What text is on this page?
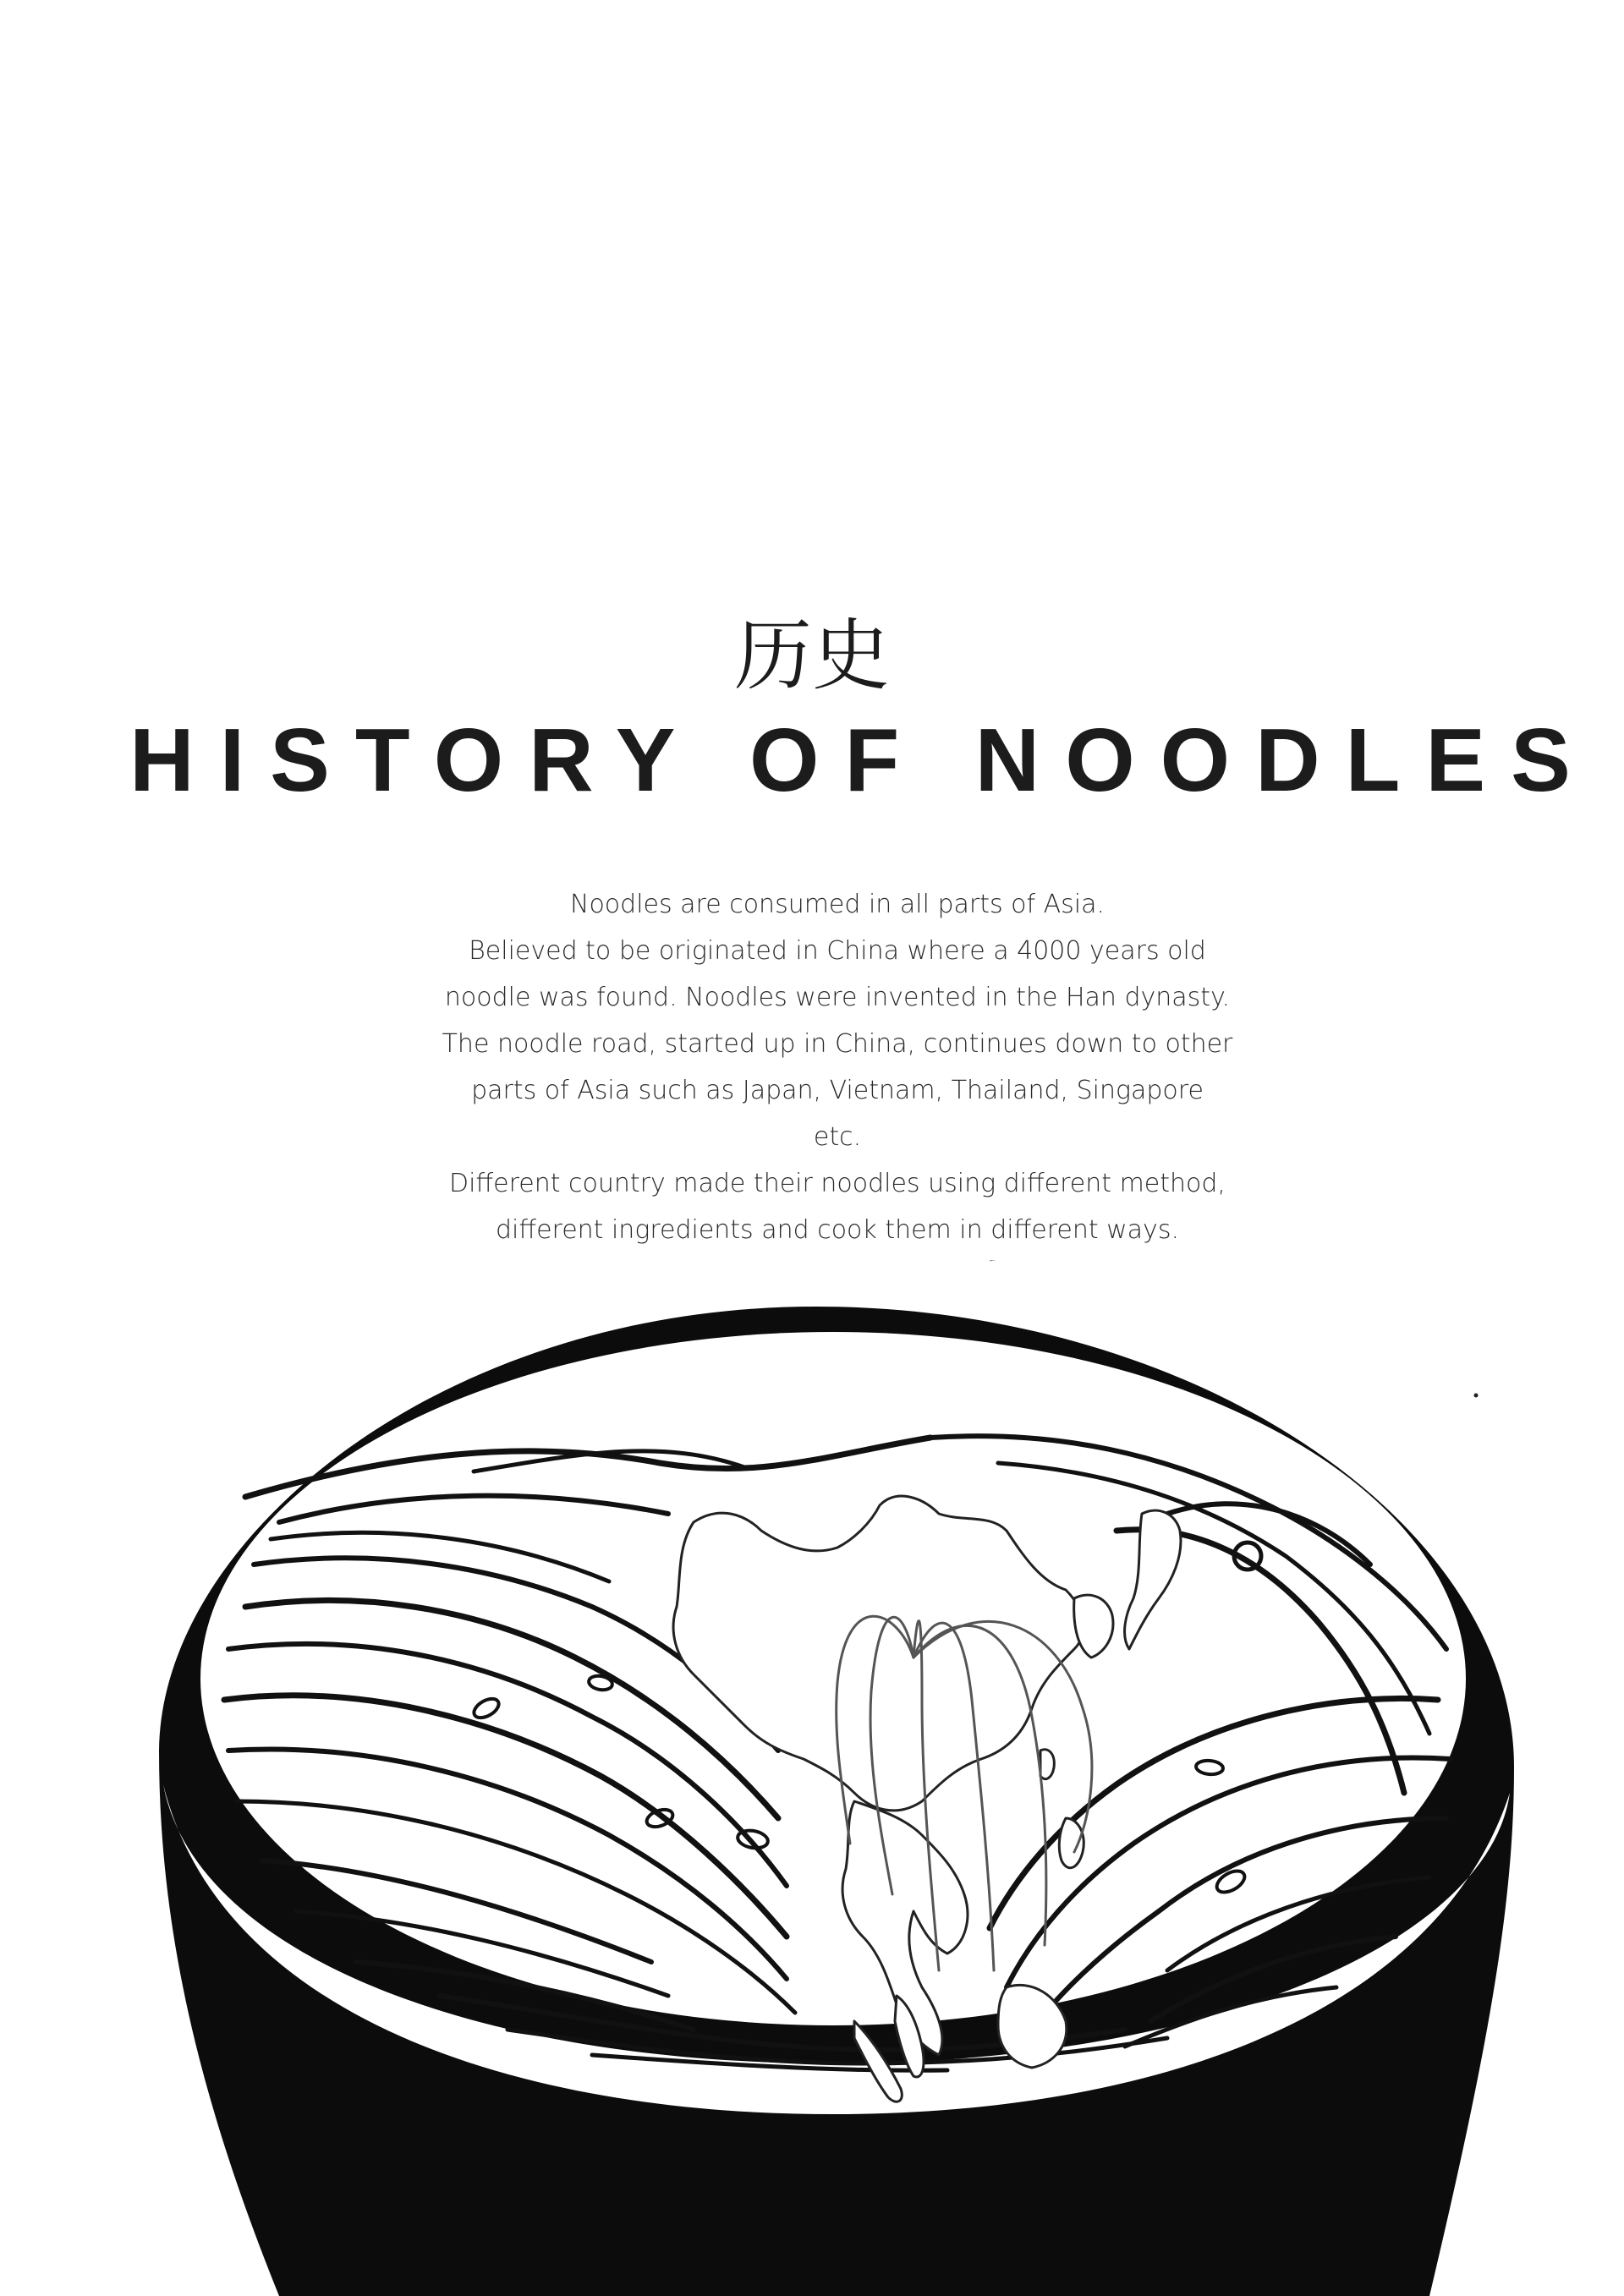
历史
HISTORY OF NOODLES

Noodles are consumed in all parts of Asia.

Believed to be originated in China where a 4000 years old

noodle was found. Noodles were invented in the Han dynasty.

The noodle road, started up in China, continues down to other

parts of Asia such as Japan, Vietnam, Thailand, Singapore

etc.

Different country made their noodles using different method,

different ingredients and cook them in different ways.
